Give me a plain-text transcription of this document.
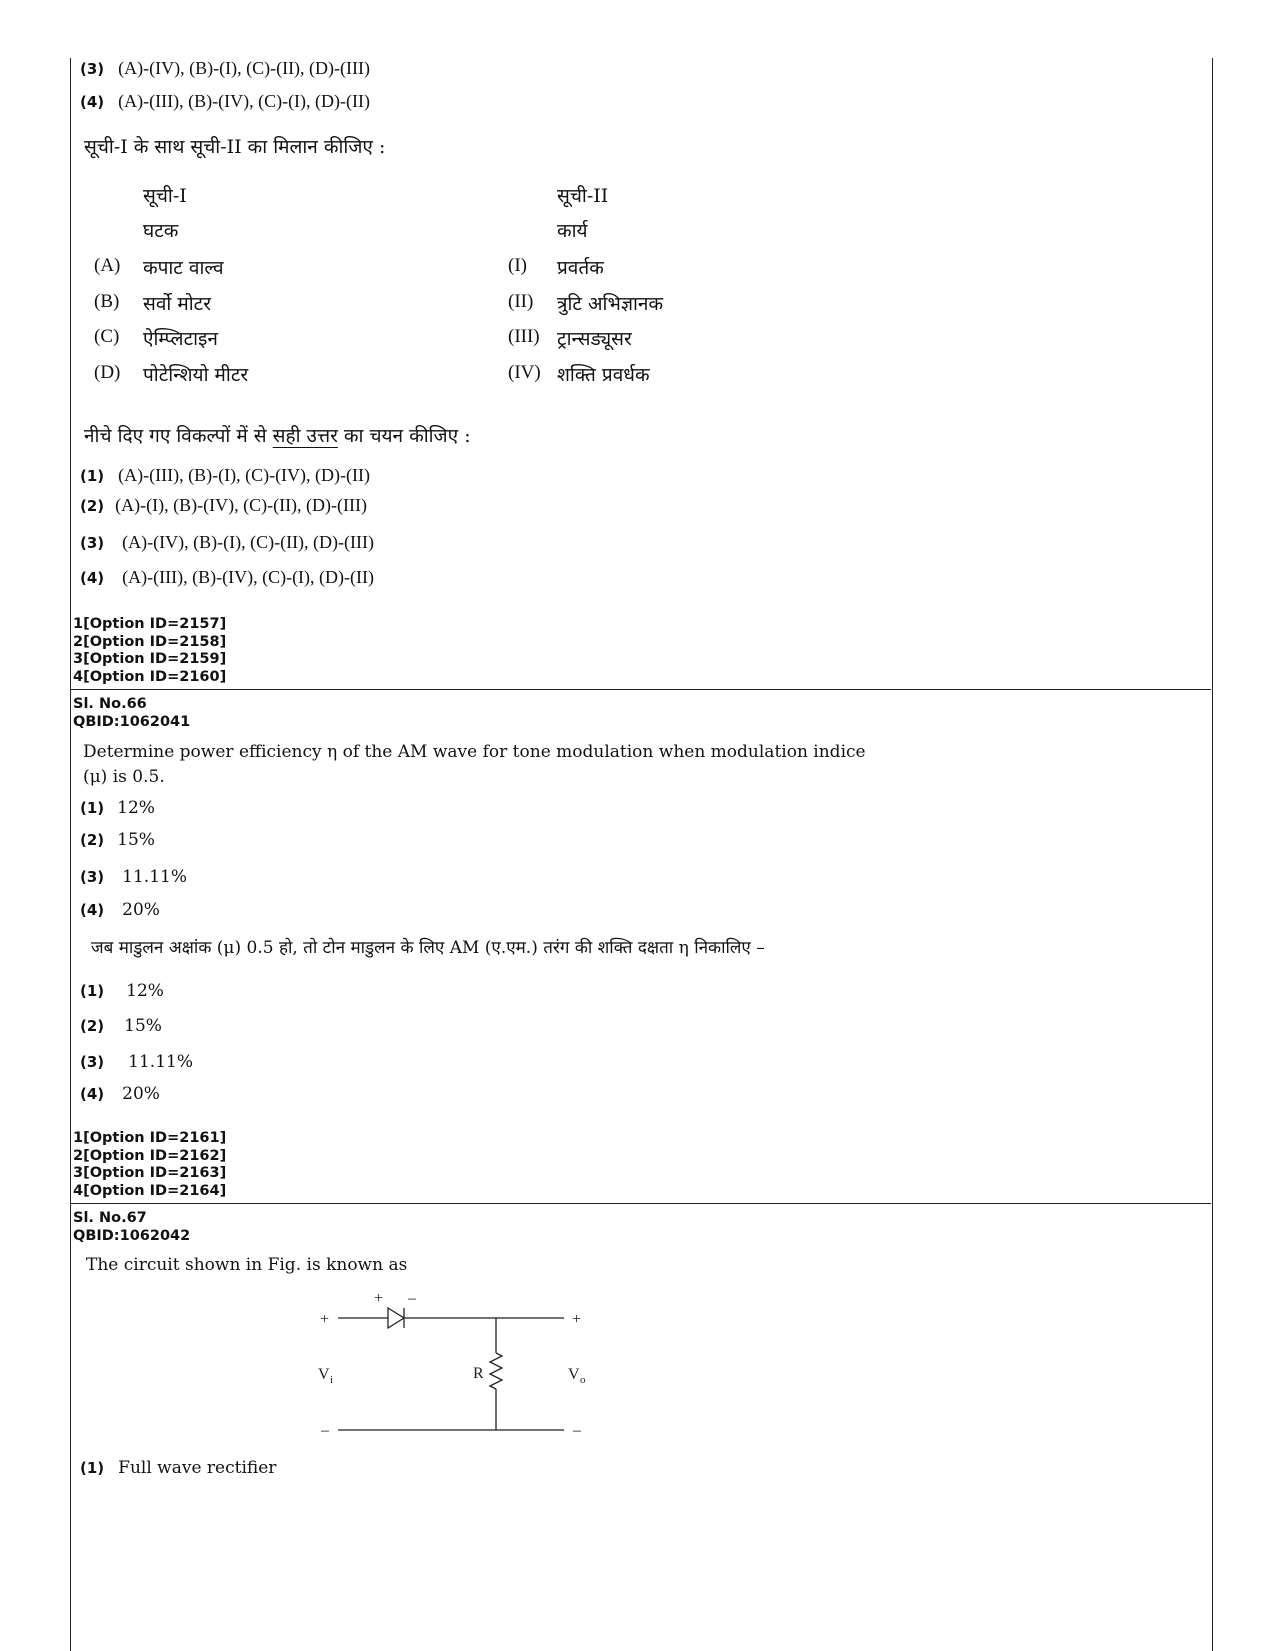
(3) (A)-(IV), (B)-(I), (C)-(II), (D)-(III)
(4) (A)-(III), (B)-(IV), (C)-(I), (D)-(II)
सूची-I के साथ सूची-II का मिलान कीजिए :
सूची-I	सूची-II
घटक	कार्य
(A) कपाट वाल्व	(I) प्रवर्तक
(B) सर्वो मोटर	(II) त्रुटि अभिज्ञानक
(C) ऐम्प्लिटाइन	(III) ट्रान्सड्यूसर
(D) पोटेन्शियो मीटर	(IV) शक्ति प्रवर्धक
नीचे दिए गए विकल्पों में से सही उत्तर का चयन कीजिए :
(1) (A)-(III), (B)-(I), (C)-(IV), (D)-(II)
(2) (A)-(I), (B)-(IV), (C)-(II), (D)-(III)
(3) (A)-(IV), (B)-(I), (C)-(II), (D)-(III)
(4) (A)-(III), (B)-(IV), (C)-(I), (D)-(II)
1[Option ID=2157]
2[Option ID=2158]
3[Option ID=2159]
4[Option ID=2160]
Sl. No.66
QBID:1062041
Determine power efficiency η of the AM wave for tone modulation when modulation indice
(μ) is 0.5.
(1) 12%
(2) 15%
(3) 11.11%
(4) 20%
जब माडुलन अक्षांक (μ) 0.5 हो, तो टोन माडुलन के लिए AM (ए.एम.) तरंग की शक्ति दक्षता η निकालिए –
(1) 12%
(2) 15%
(3) 11.11%
(4) 20%
1[Option ID=2161]
2[Option ID=2162]
3[Option ID=2163]
4[Option ID=2164]
Sl. No.67
QBID:1062042
The circuit shown in Fig. is known as
+
–
+ –
+
–
V i	R	V o
(1) Full wave rectifier
